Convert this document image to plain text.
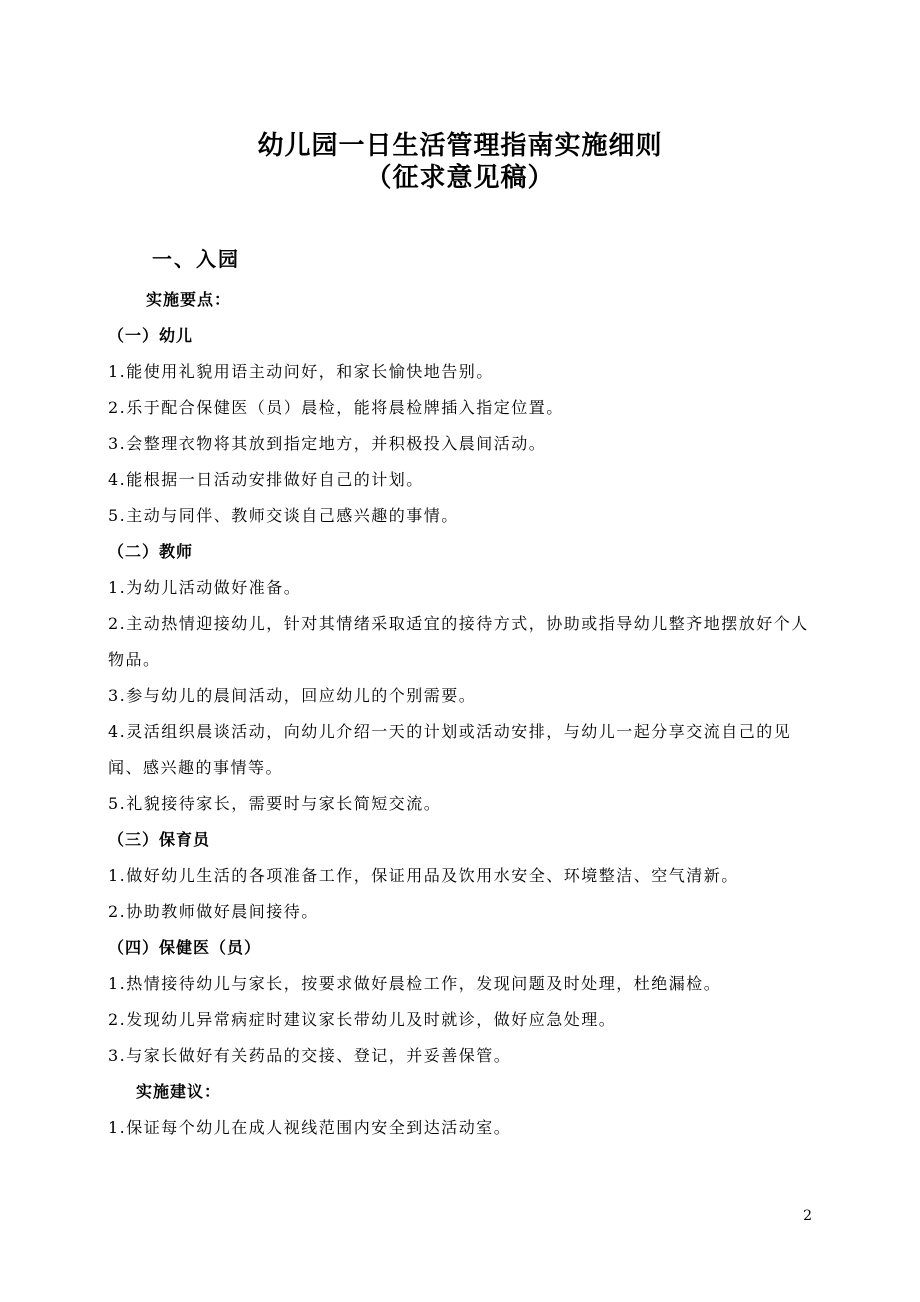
幼儿园一日生活管理指南实施细则
（征求意见稿）
一、入园

实施要点：

（一）幼儿

1.能使用礼貌用语主动问好，和家长愉快地告别。

2.乐于配合保健医（员）晨检，能将晨检牌插入指定位置。

3.会整理衣物将其放到指定地方，并积极投入晨间活动。

4.能根据一日活动安排做好自己的计划。

5.主动与同伴、教师交谈自己感兴趣的事情。

（二）教师

1.为幼儿活动做好准备。

2.主动热情迎接幼儿，针对其情绪采取适宜的接待方式，协助或指导幼儿整齐地摆放好个人物品。

3.参与幼儿的晨间活动，回应幼儿的个别需要。

4.灵活组织晨谈活动，向幼儿介绍一天的计划或活动安排，与幼儿一起分享交流自己的见闻、感兴趣的事情等。

5.礼貌接待家长，需要时与家长简短交流。

（三）保育员

1.做好幼儿生活的各项准备工作，保证用品及饮用水安全、环境整洁、空气清新。

2.协助教师做好晨间接待。

（四）保健医（员）

1.热情接待幼儿与家长，按要求做好晨检工作，发现问题及时处理，杜绝漏检。

2.发现幼儿异常病症时建议家长带幼儿及时就诊，做好应急处理。

3.与家长做好有关药品的交接、登记，并妥善保管。

实施建议：

1.保证每个幼儿在成人视线范围内安全到达活动室。

2
